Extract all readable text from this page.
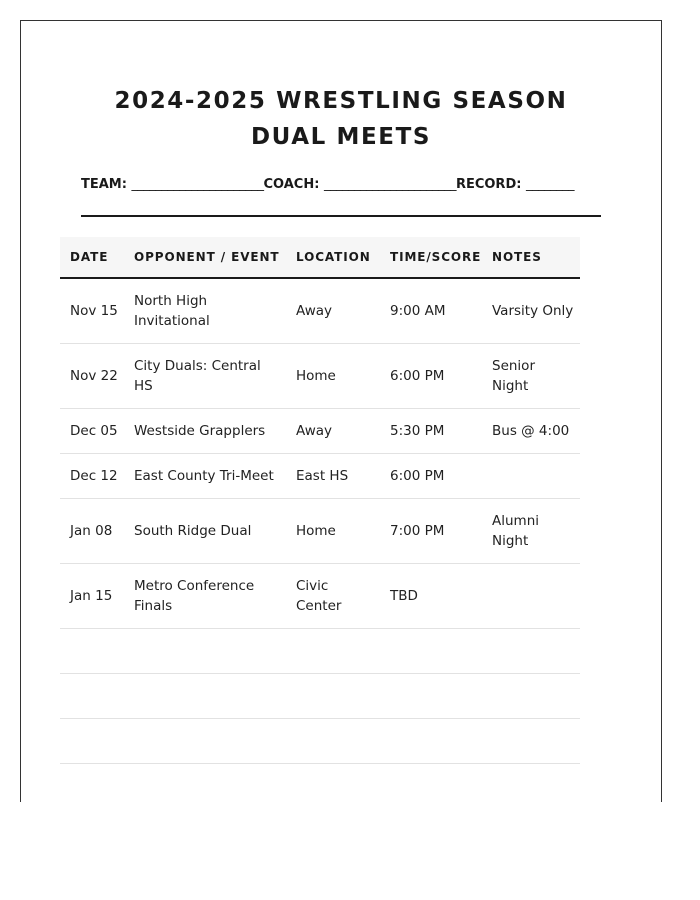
2024-2025 WRESTLING SEASON DUAL MEETS
TEAM: ______________________COACH: ______________________RECORD: ________
DATE	OPPONENT / EVENT	LOCATION	TIME/SCORE	NOTES
Nov 15	North High Invitational	Away	9:00 AM	Varsity Only
Nov 22	City Duals: Central HS	Home	6:00 PM	Senior Night
Dec 05	Westside Grapplers	Away	5:30 PM	Bus @ 4:00
Dec 12	East County Tri-Meet	East HS	6:00 PM	
Jan 08	South Ridge Dual	Home	7:00 PM	Alumni Night
Jan 15	Metro Conference Finals	Civic Center	TBD	
